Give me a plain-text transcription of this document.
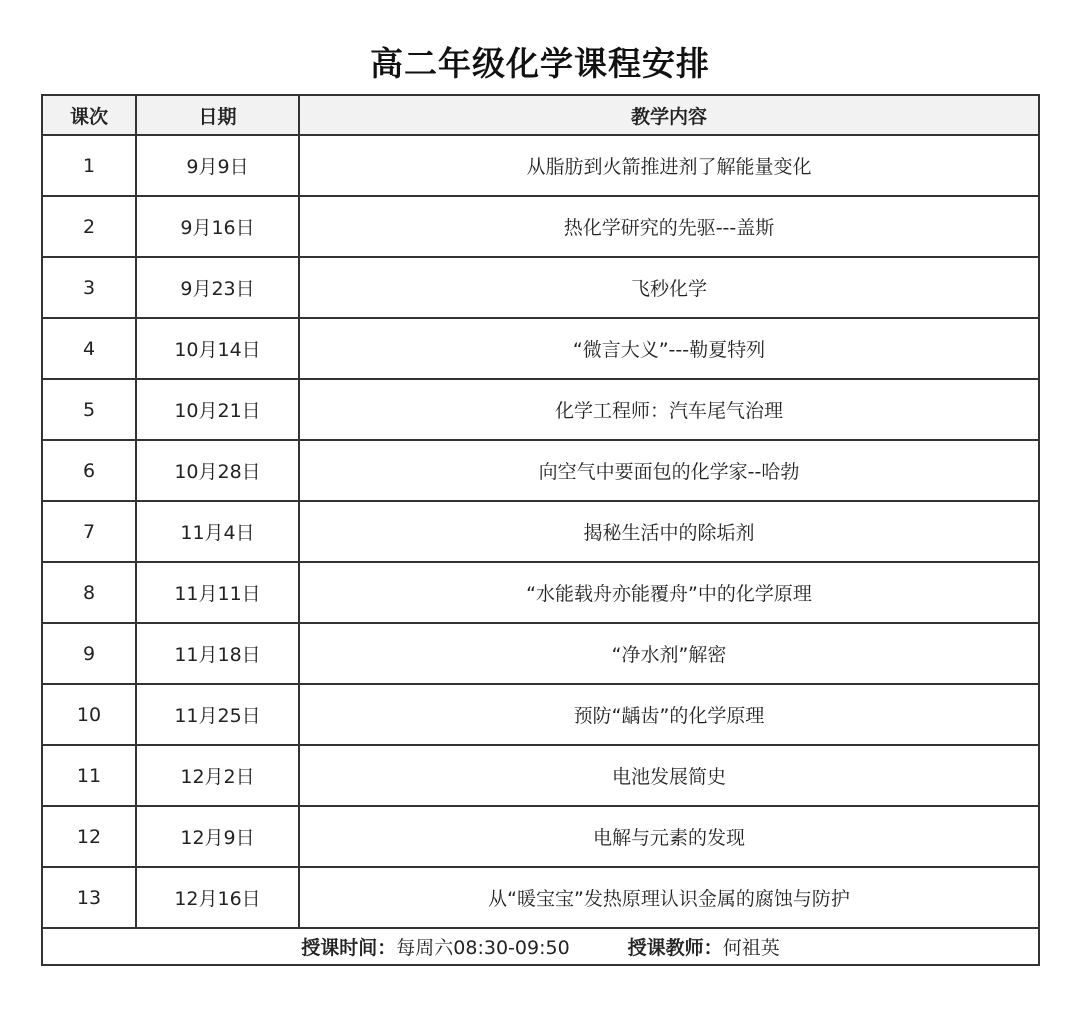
高二年级化学课程安排
课次	日期	教学内容
1	9月9日	从脂肪到火箭推进剂了解能量变化
2	9月16日	热化学研究的先驱---盖斯
3	9月23日	飞秒化学
4	10月14日	“微言大义”---勒夏特列
5	10月21日	化学工程师：汽车尾气治理
6	10月28日	向空气中要面包的化学家--哈勃
7	11月4日	揭秘生活中的除垢剂
8	11月11日	“水能载舟亦能覆舟”中的化学原理
9	11月18日	“净水剂”解密
10	11月25日	预防“龋齿”的化学原理
11	12月2日	电池发展简史
12	12月9日	电解与元素的发现
13	12月16日	从“暖宝宝”发热原理认识金属的腐蚀与防护
授课时间：每周六08:30-09:50 授课教师：何祖英		
